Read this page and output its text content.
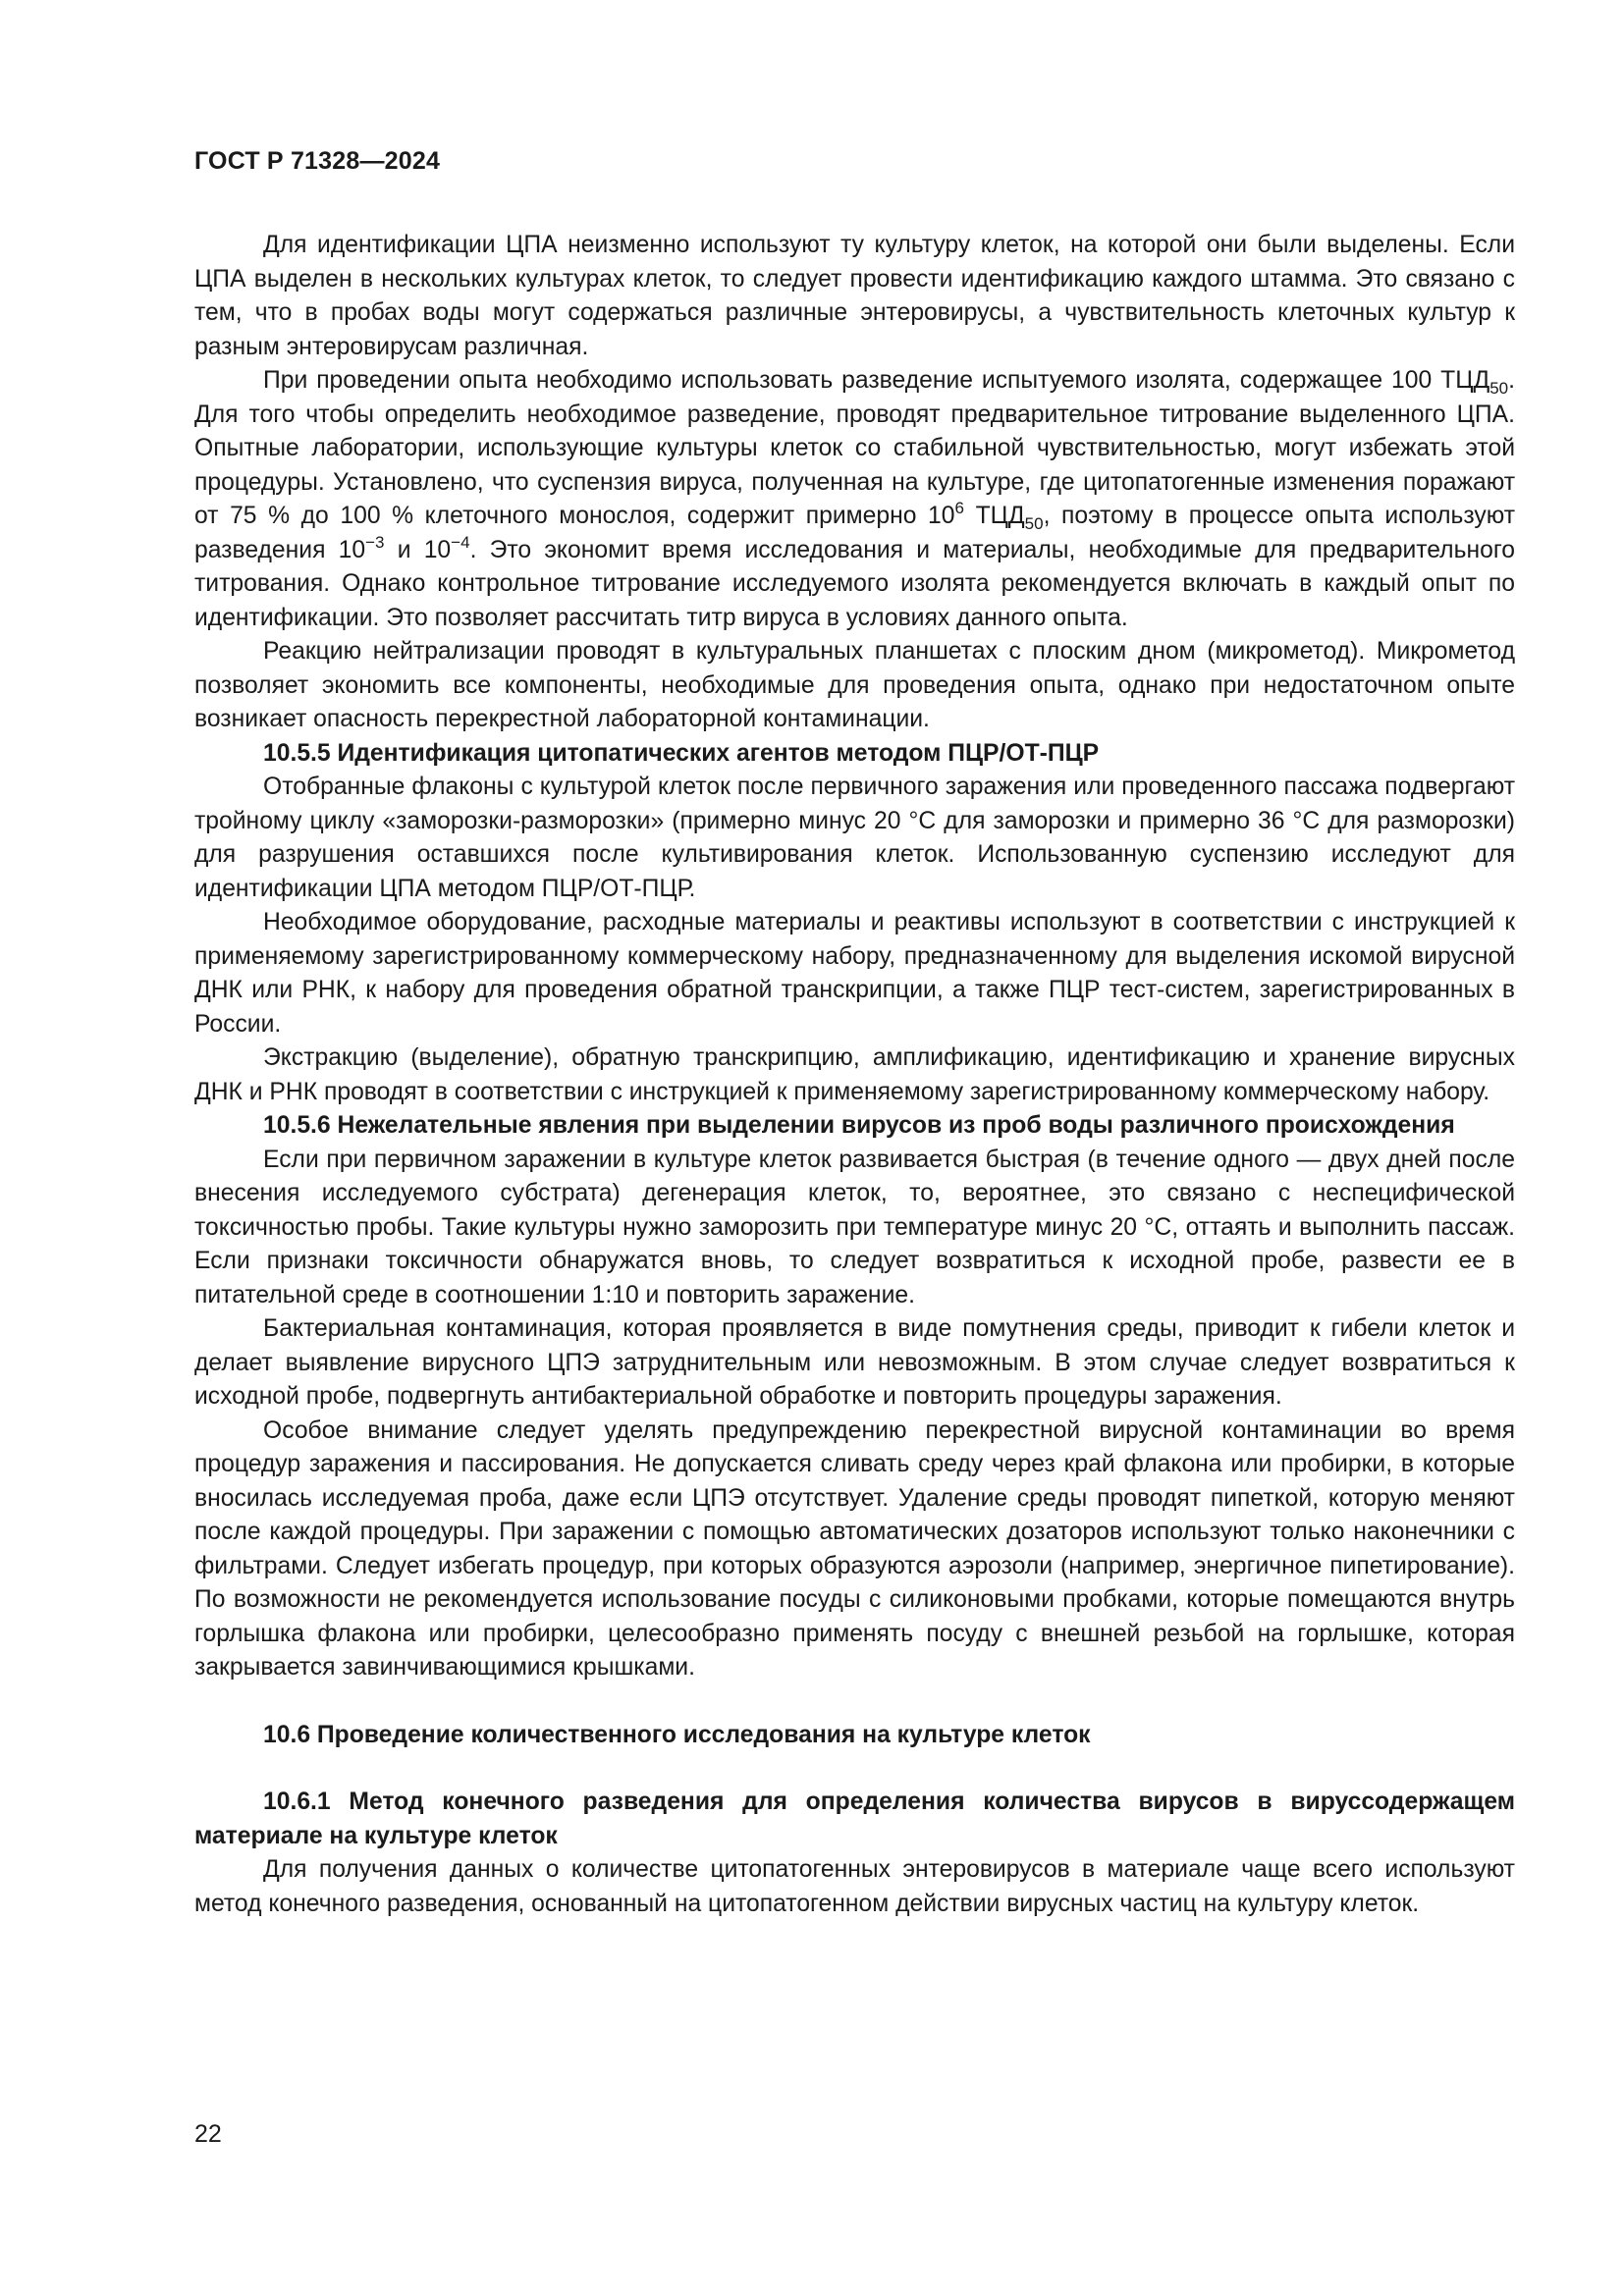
ГОСТ Р 71328—2024

Для идентификации ЦПА неизменно используют ту культуру клеток, на которой они были выделены. Если ЦПА выделен в нескольких культурах клеток, то следует провести идентификацию каждого штамма. Это связано с тем, что в пробах воды могут содержаться различные энтеровирусы, а чувствительность клеточных культур к разным энтеровирусам различная.

При проведении опыта необходимо использовать разведение испытуемого изолята, содержащее 100 $ТЦД_{50}$. Для того чтобы определить необходимое разведение, проводят предварительное титрование выделенного ЦПА. Опытные лаборатории, использующие культуры клеток со стабильной чувствительностью, могут избежать этой процедуры. Установлено, что суспензия вируса, полученная на культуре, где цитопатогенные изменения поражают от 75 % до 100 % клеточного монослоя, содержит примерно $10^6$ $ТЦД_{50}$, поэтому в процессе опыта используют разведения $10^{-3}$ и $10^{-4}$. Это экономит время исследования и материалы, необходимые для предварительного титрования. Однако контрольное титрование исследуемого изолята рекомендуется включать в каждый опыт по идентификации. Это позволяет рассчитать титр вируса в условиях данного опыта.

Реакцию нейтрализации проводят в культуральных планшетах с плоским дном (микрометод). Микрометод позволяет экономить все компоненты, необходимые для проведения опыта, однако при недостаточном опыте возникает опасность перекрестной лабораторной контаминации.

10.5.5 Идентификация цитопатических агентов методом ПЦР/ОТ-ПЦР

Отобранные флаконы с культурой клеток после первичного заражения или проведенного пассажа подвергают тройному циклу «заморозки-разморозки» (примерно минус 20 °С для заморозки и примерно 36 °С для разморозки) для разрушения оставшихся после культивирования клеток. Использованную суспензию исследуют для идентификации ЦПА методом ПЦР/ОТ-ПЦР.

Необходимое оборудование, расходные материалы и реактивы используют в соответствии с инструкцией к применяемому зарегистрированному коммерческому набору, предназначенному для выделения искомой вирусной ДНК или РНК, к набору для проведения обратной транскрипции, а также ПЦР тест-систем, зарегистрированных в России.

Экстракцию (выделение), обратную транскрипцию, амплификацию, идентификацию и хранение вирусных ДНК и РНК проводят в соответствии с инструкцией к применяемому зарегистрированному коммерческому набору.

10.5.6 Нежелательные явления при выделении вирусов из проб воды различного происхождения

Если при первичном заражении в культуре клеток развивается быстрая (в течение одного — двух дней после внесения исследуемого субстрата) дегенерация клеток, то, вероятнее, это связано с неспецифической токсичностью пробы. Такие культуры нужно заморозить при температуре минус 20 °С, оттаять и выполнить пассаж. Если признаки токсичности обнаружатся вновь, то следует возвратиться к исходной пробе, развести ее в питательной среде в соотношении 1:10 и повторить заражение.

Бактериальная контаминация, которая проявляется в виде помутнения среды, приводит к гибели клеток и делает выявление вирусного ЦПЭ затруднительным или невозможным. В этом случае следует возвратиться к исходной пробе, подвергнуть антибактериальной обработке и повторить процедуры заражения.

Особое внимание следует уделять предупреждению перекрестной вирусной контаминации во время процедур заражения и пассирования. Не допускается сливать среду через край флакона или пробирки, в которые вносилась исследуемая проба, даже если ЦПЭ отсутствует. Удаление среды проводят пипеткой, которую меняют после каждой процедуры. При заражении с помощью автоматических дозаторов используют только наконечники с фильтрами. Следует избегать процедур, при которых образуются аэрозоли (например, энергичное пипетирование). По возможности не рекомендуется использование посуды с силиконовыми пробками, которые помещаются внутрь горлышка флакона или пробирки, целесообразно применять посуду с внешней резьбой на горлышке, которая закрывается завинчивающимися крышками.

10.6 Проведение количественного исследования на культуре клеток

10.6.1 Метод конечного разведения для определения количества вирусов в вируссодержащем материале на культуре клеток

Для получения данных о количестве цитопатогенных энтеровирусов в материале чаще всего используют метод конечного разведения, основанный на цитопатогенном действии вирусных частиц на культуру клеток.

22
